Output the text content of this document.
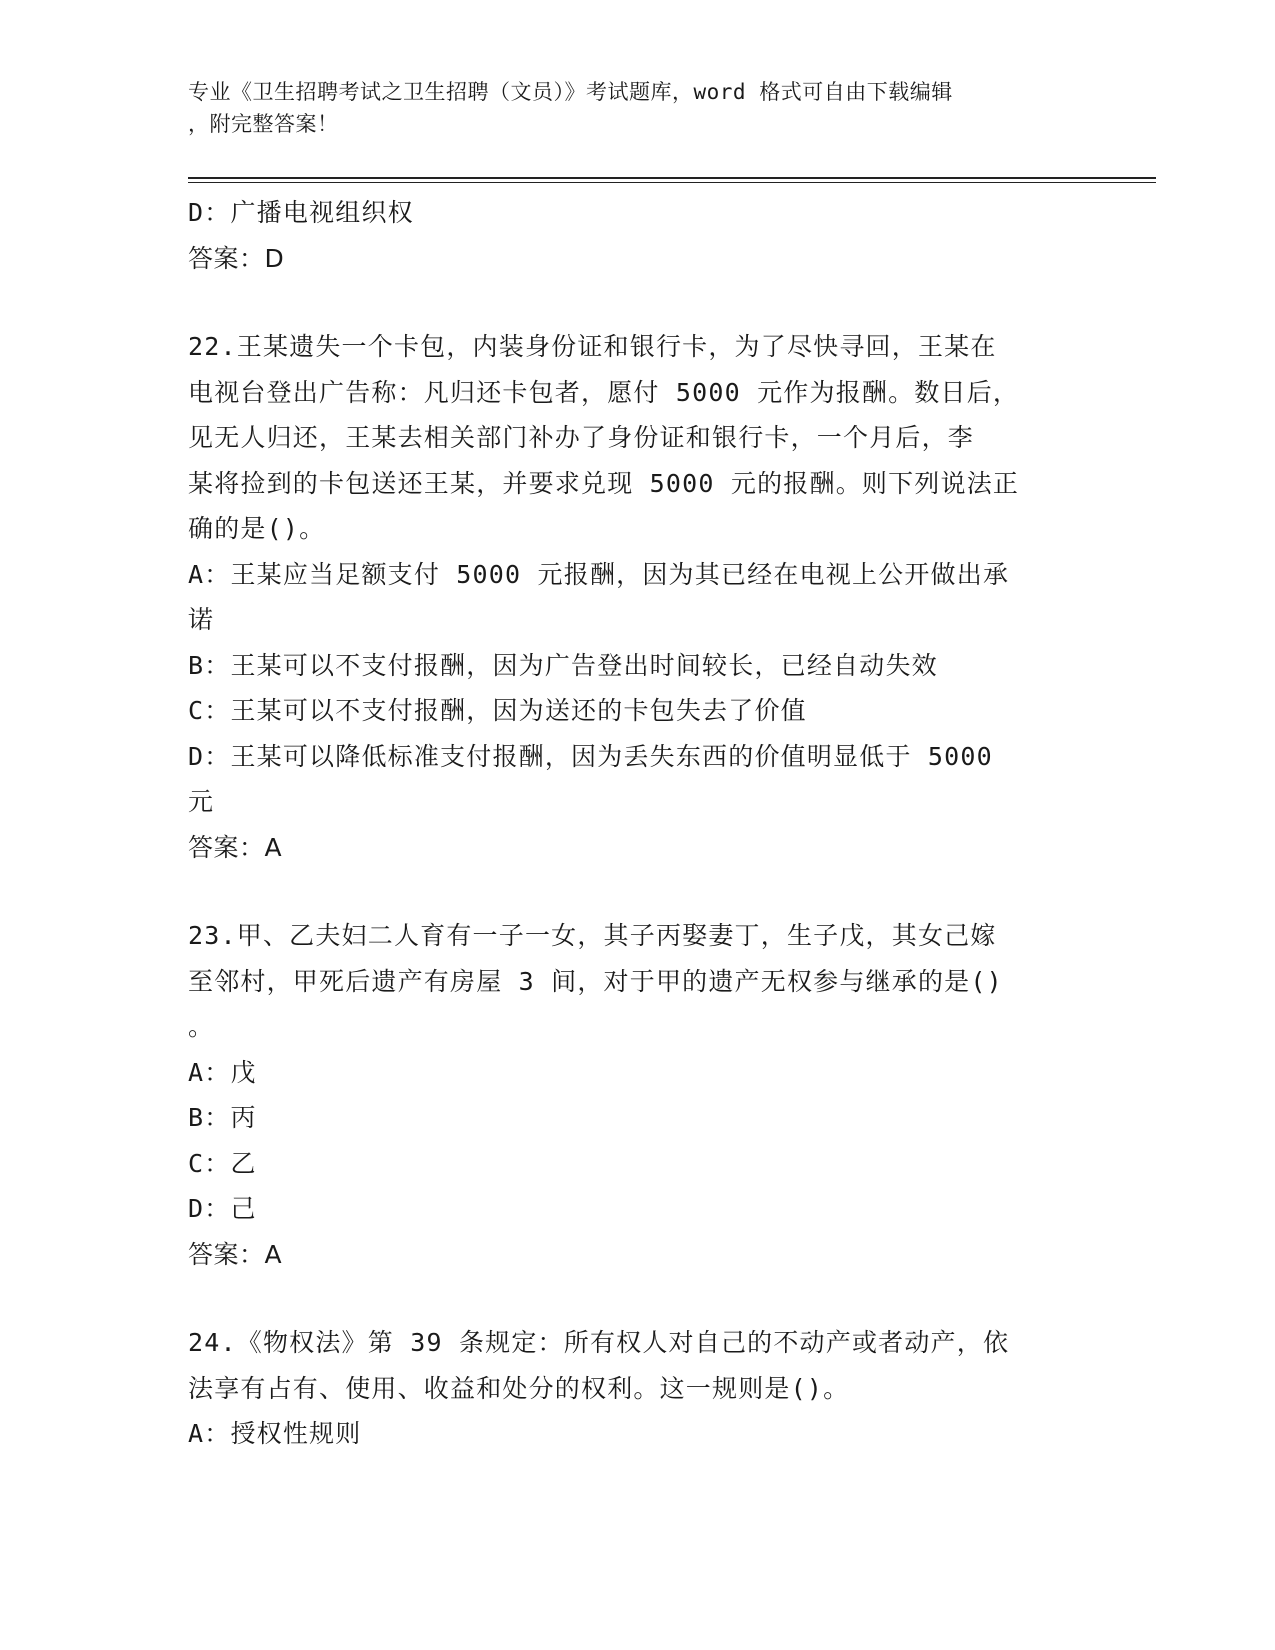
专业《卫生招聘考试之卫生招聘（文员）》考试题库，word 格式可自由下载编辑
，附完整答案！

D：广播电视组织权

答案：D

22.王某遗失一个卡包，内装身份证和银行卡，为了尽快寻回，王某在

电视台登出广告称：凡归还卡包者，愿付 5000 元作为报酬。数日后，

见无人归还，王某去相关部门补办了身份证和银行卡，一个月后，李

某将捡到的卡包送还王某，并要求兑现 5000 元的报酬。则下列说法正

确的是()。

A：王某应当足额支付 5000 元报酬，因为其已经在电视上公开做出承

诺

B：王某可以不支付报酬，因为广告登出时间较长，已经自动失效

C：王某可以不支付报酬，因为送还的卡包失去了价值

D：王某可以降低标准支付报酬，因为丢失东西的价值明显低于 5000

元

答案：A

23.甲、乙夫妇二人育有一子一女，其子丙娶妻丁，生子戊，其女己嫁

至邻村，甲死后遗产有房屋 3 间，对于甲的遗产无权参与继承的是()

。

A：戊

B：丙

C：乙

D：己

答案：A

24.《物权法》第 39 条规定：所有权人对自己的不动产或者动产，依

法享有占有、使用、收益和处分的权利。这一规则是()。

A：授权性规则
